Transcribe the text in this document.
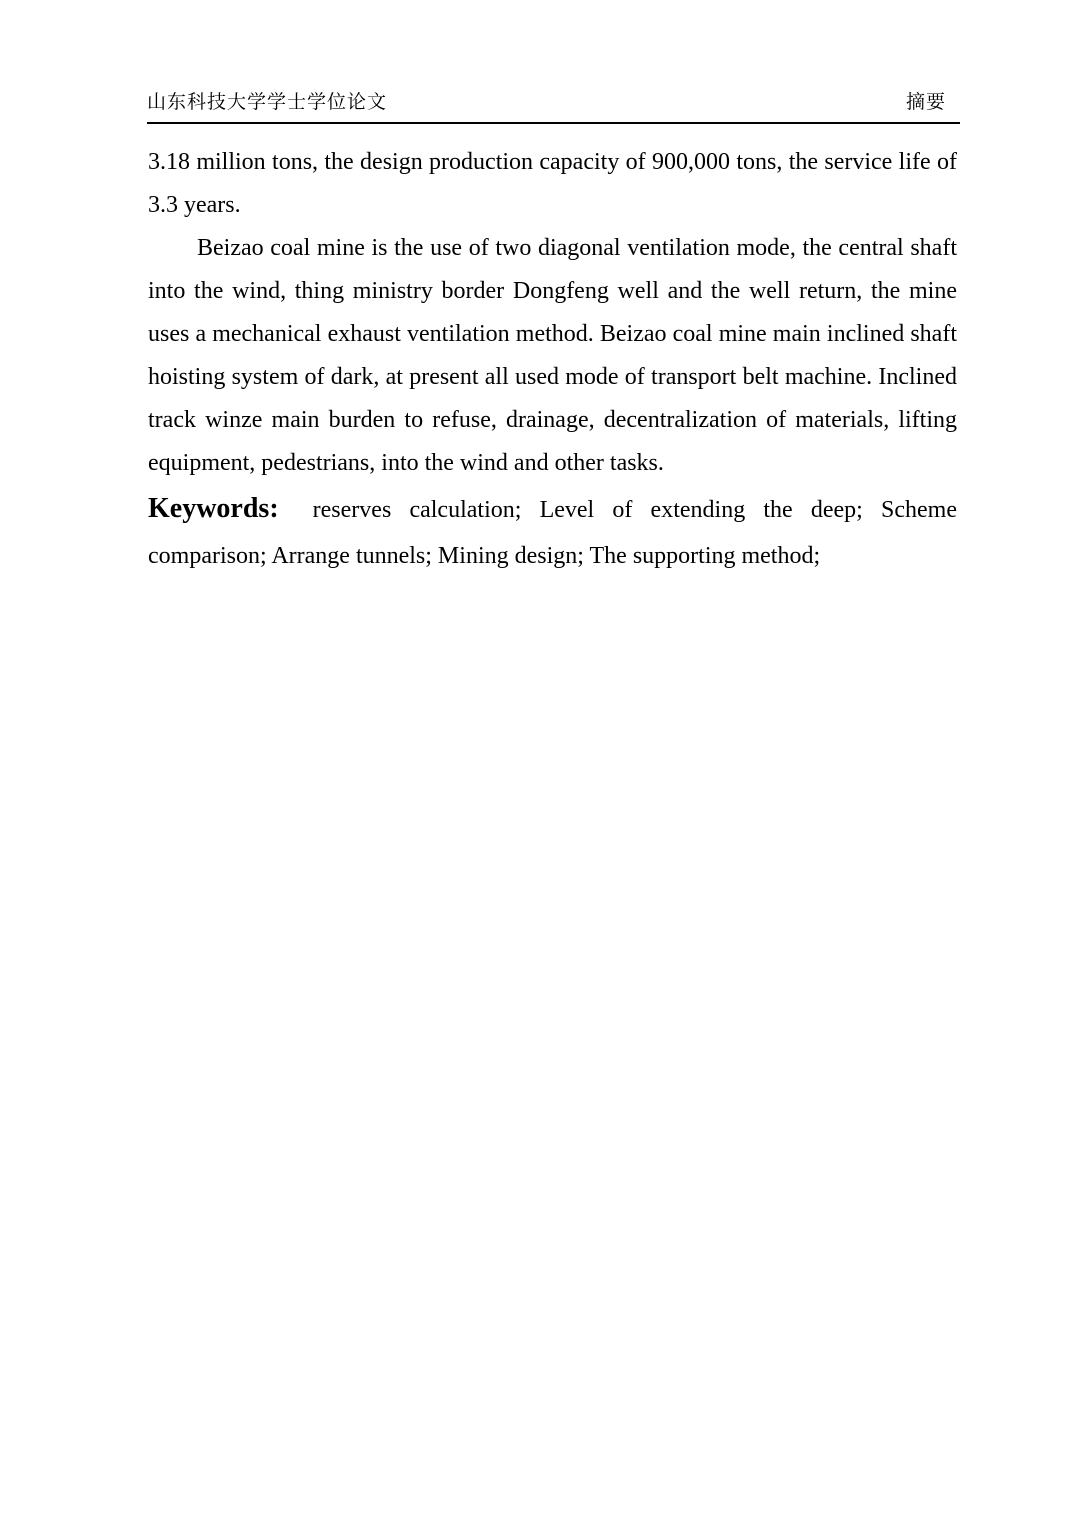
山东科技大学学士学位论文	摘要

3.18 million tons, the design production capacity of 900,000 tons, the service life of 3.3 years.

Beizao coal mine is the use of two diagonal ventilation mode, the central shaft into the wind, thing ministry border Dongfeng well and the well return, the mine uses a mechanical exhaust ventilation method. Beizao coal mine main inclined shaft hoisting system of dark, at present all used mode of transport belt machine. Inclined track winze main burden to refuse, drainage, decentralization of materials, lifting equipment, pedestrians, into the wind and other tasks.

Keywords: reserves calculation; Level of extending the deep; Scheme comparison; Arrange tunnels; Mining design; The supporting method;
